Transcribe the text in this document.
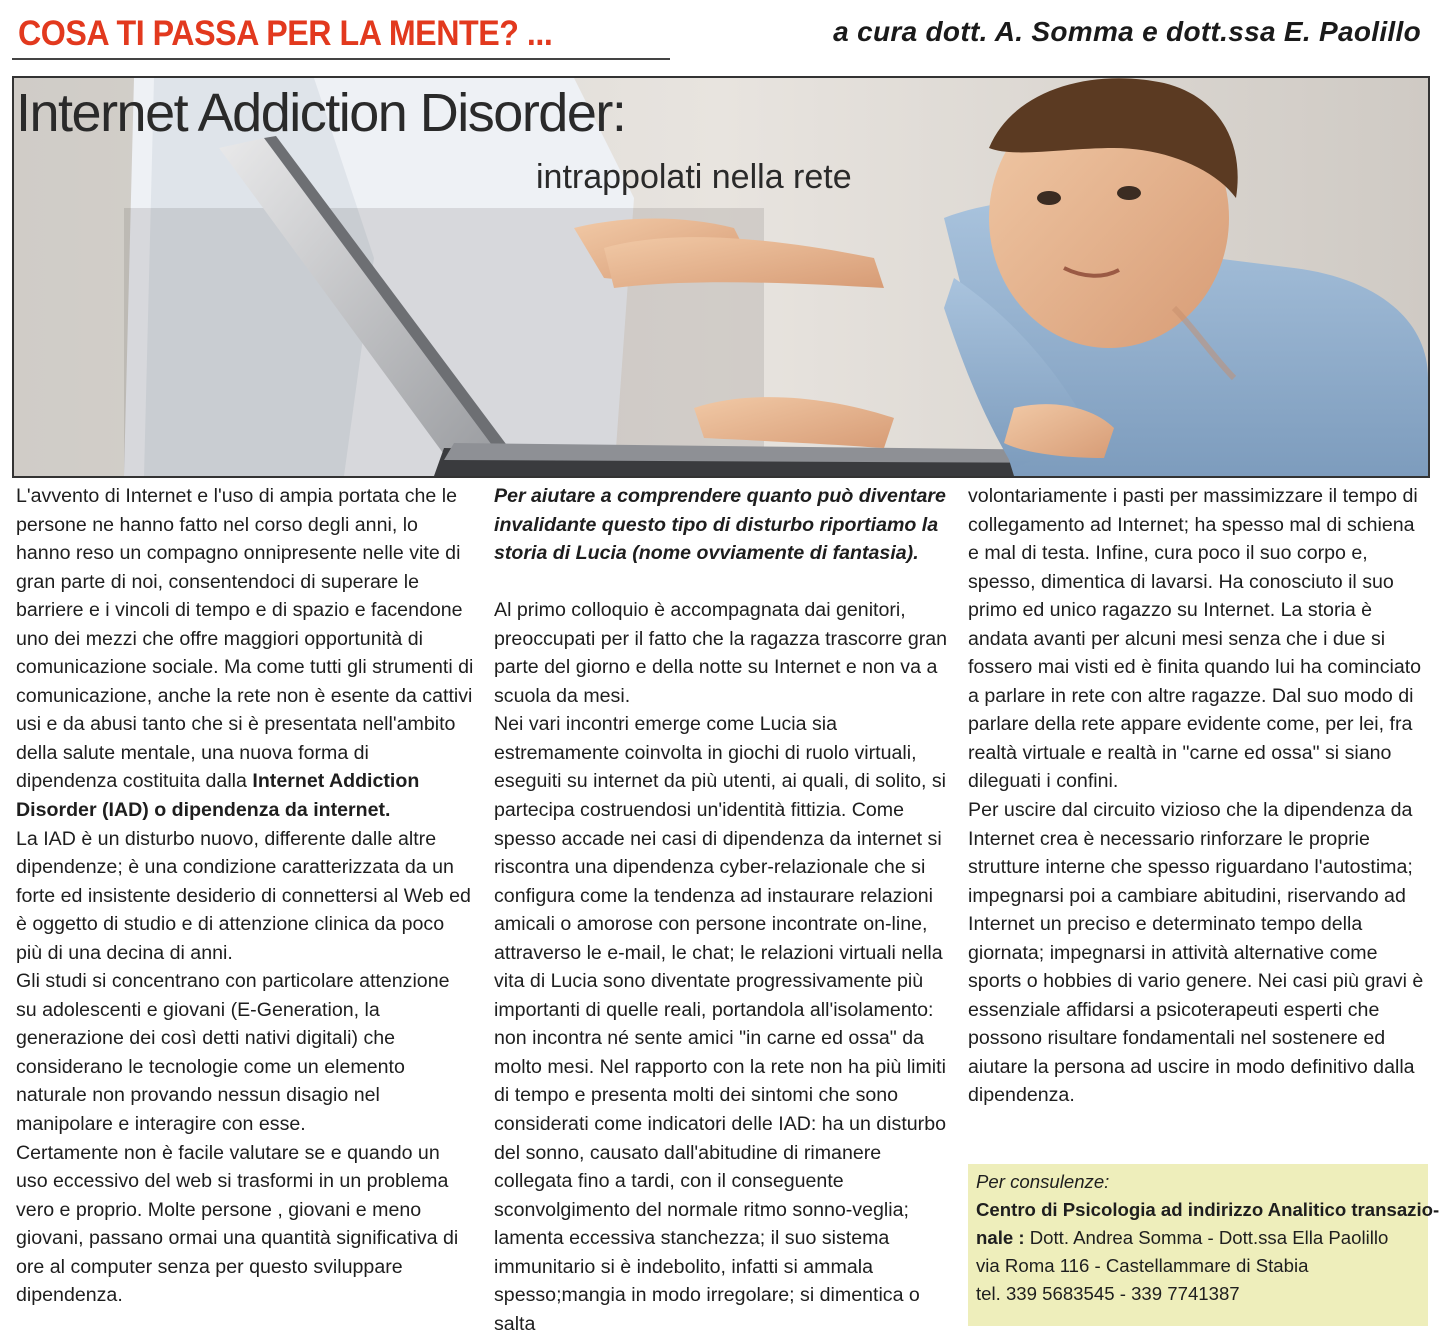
COSA TI PASSA PER LA MENTE? ...	a cura dott. A. Somma e dott.ssa E. Paolillo
Internet Addiction Disorder:
intrappolati nella rete

L'avvento di Internet e l'uso di ampia portata che le persone ne hanno fatto nel corso degli anni, lo hanno reso un compagno onnipresente nelle vite di gran parte di noi, consentendoci di superare le barriere e i vincoli di tempo e di spazio e facendone uno dei mezzi che offre maggiori opportunità di comunicazione sociale. Ma come tutti gli strumenti di comunicazione, anche la rete non è esente da cattivi usi e da abusi tanto che si è presentata nell'ambito della salute mentale, una nuova forma di dipendenza costituita dalla Internet Addiction Disorder (IAD) o dipendenza da internet.

La IAD è un disturbo nuovo, differente dalle altre dipendenze; è una condizione caratterizzata da un forte ed insistente desiderio di connettersi al Web ed è oggetto di studio e di attenzione clinica da poco più di una decina di anni.

Gli studi si concentrano con particolare attenzione su adolescenti e giovani (E-Generation, la generazione dei così detti nativi digitali) che considerano le tecnologie come un elemento naturale non provando nessun disagio nel manipolare e interagire con esse.

Certamente non è facile valutare se e quando un uso eccessivo del web si trasformi in un problema vero e proprio. Molte persone , giovani e meno giovani, passano ormai una quantità significativa di ore al computer senza per questo sviluppare dipendenza.

Per aiutare a comprendere quanto può diventare invalidante questo tipo di disturbo riportiamo la storia di Lucia (nome ovviamente di fantasia).

Al primo colloquio è accompagnata dai genitori, preoccupati per il fatto che la ragazza trascorre gran parte del giorno e della notte su Internet e non va a scuola da mesi.

Nei vari incontri emerge come Lucia sia estremamente coinvolta in giochi di ruolo virtuali, eseguiti su internet da più utenti, ai quali, di solito, si partecipa costruendosi un'identità fittizia. Come spesso accade nei casi di dipendenza da internet si riscontra una dipendenza cyber-relazionale che si configura come la tendenza ad instaurare relazioni amicali o amorose con persone incontrate on-line, attraverso le e-mail, le chat; le relazioni virtuali nella vita di Lucia sono diventate progressivamente più importanti di quelle reali, portandola all'isolamento: non incontra né sente amici "in carne ed ossa" da molto mesi. Nel rapporto con la rete non ha più limiti di tempo e presenta molti dei sintomi che sono considerati come indicatori delle IAD: ha un disturbo del sonno, causato dall'abitudine di rimanere collegata fino a tardi, con il conseguente sconvolgimento del normale ritmo sonno-veglia; lamenta eccessiva stanchezza; il suo sistema immunitario si è indebolito, infatti si ammala spesso;mangia in modo irregolare; si dimentica o salta

volontariamente i pasti per massimizzare il tempo di collegamento ad Internet; ha spesso mal di schiena e mal di testa. Infine, cura poco il suo corpo e, spesso, dimentica di lavarsi. Ha conosciuto il suo primo ed unico ragazzo su Internet. La storia è andata avanti per alcuni mesi senza che i due si fossero mai visti ed è finita quando lui ha cominciato a parlare in rete con altre ragazze. Dal suo modo di parlare della rete appare evidente come, per lei, fra realtà virtuale e realtà in "carne ed ossa" si siano dileguati i confini.

Per uscire dal circuito vizioso che la dipendenza da Internet crea è necessario rinforzare le proprie strutture interne che spesso riguardano l'autostima; impegnarsi poi a cambiare abitudini, riservando ad Internet un preciso e determinato tempo della giornata; impegnarsi in attività alternative come sports o hobbies di vario genere. Nei casi più gravi è essenziale affidarsi a psicoterapeuti esperti che possono risultare fondamentali nel sostenere ed aiutare la persona ad uscire in modo definitivo dalla dipendenza.

Per consulenze:
Centro di Psicologia ad indirizzo Analitico transazio-
nale : Dott. Andrea Somma - Dott.ssa Ella Paolillo
via Roma 116 - Castellammare di Stabia
tel. 339 5683545 - 339 7741387
